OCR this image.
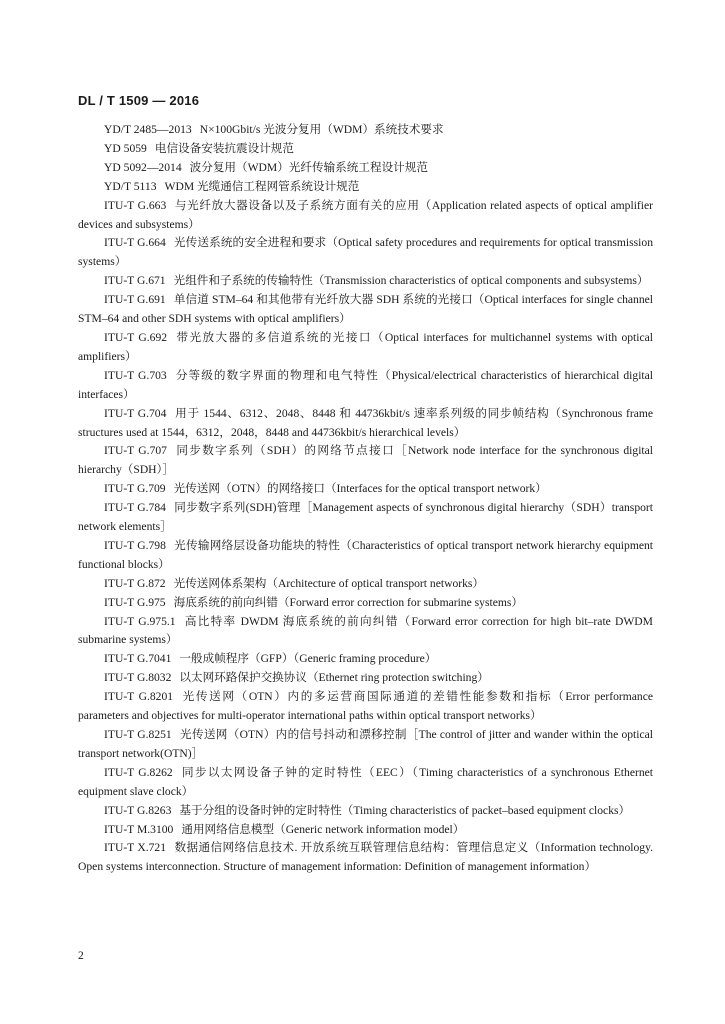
DL / T 1509 — 2016
YD/T 2485—2013 N×100Gbit/s 光波分复用（WDM）系统技术要求
YD 5059 电信设备安装抗震设计规范
YD 5092—2014 波分复用（WDM）光纤传输系统工程设计规范
YD/T 5113 WDM 光缆通信工程网管系统设计规范
ITU-T G.663 与光纤放大器设备以及子系统方面有关的应用（Application related aspects of optical amplifier devices and subsystems）
ITU-T G.664 光传送系统的安全进程和要求（Optical safety procedures and requirements for optical transmission systems）
ITU-T G.671 光组件和子系统的传输特性（Transmission characteristics of optical components and subsystems）
ITU-T G.691 单信道 STM–64 和其他带有光纤放大器 SDH 系统的光接口（Optical interfaces for single channel STM–64 and other SDH systems with optical amplifiers）
ITU-T G.692 带光放大器的多信道系统的光接口（Optical interfaces for multichannel systems with optical amplifiers）
ITU-T G.703 分等级的数字界面的物理和电气特性（Physical/electrical characteristics of hierarchical digital interfaces）
ITU-T G.704 用于 1544、6312、2048、8448 和 44736kbit/s 速率系列级的同步帧结构（Synchronous frame structures used at 1544，6312，2048，8448 and 44736kbit/s hierarchical levels）
ITU-T G.707 同步数字系列（SDH）的网络节点接口［Network node interface for the synchronous digital hierarchy（SDH）］
ITU-T G.709 光传送网（OTN）的网络接口（Interfaces for the optical transport network）
ITU-T G.784 同步数字系列(SDH)管理［Management aspects of synchronous digital hierarchy（SDH）transport network elements］
ITU-T G.798 光传输网络层设备功能块的特性（Characteristics of optical transport network hierarchy equipment functional blocks）
ITU-T G.872 光传送网体系架构（Architecture of optical transport networks）
ITU-T G.975 海底系统的前向纠错（Forward error correction for submarine systems）
ITU-T G.975.1 高比特率 DWDM 海底系统的前向纠错（Forward error correction for high bit–rate DWDM submarine systems）
ITU-T G.7041 一般成帧程序（GFP）（Generic framing procedure）
ITU-T G.8032 以太网环路保护交换协议（Ethernet ring protection switching）
ITU-T G.8201 光传送网（OTN）内的多运营商国际通道的差错性能参数和指标（Error performance parameters and objectives for multi-operator international paths within optical transport networks）
ITU-T G.8251 光传送网（OTN）内的信号抖动和漂移控制［The control of jitter and wander within the optical transport network(OTN)］
ITU-T G.8262 同步以太网设备子钟的定时特性（EEC）（Timing characteristics of a synchronous Ethernet equipment slave clock）
ITU-T G.8263 基于分组的设备时钟的定时特性（Timing characteristics of packet–based equipment clocks）
ITU-T M.3100 通用网络信息模型（Generic network information model）
ITU-T X.721 数据通信网络信息技术. 开放系统互联管理信息结构：管理信息定义（Information technology. Open systems interconnection. Structure of management information: Definition of management information）
2
